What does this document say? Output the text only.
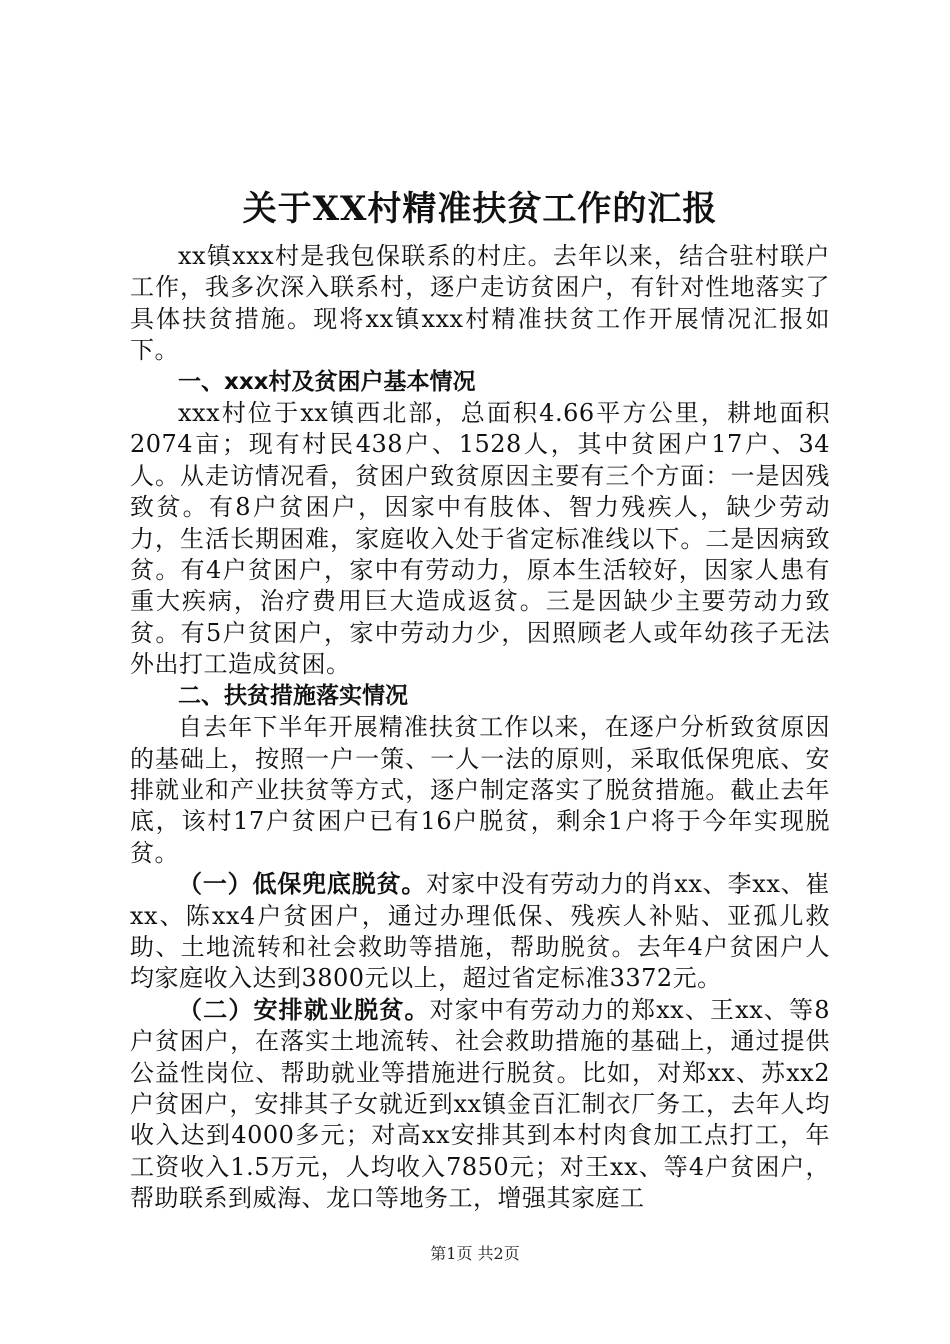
关于XX村精准扶贫工作的汇报

xx镇xxx村是我包保联系的村庄。去年以来，结合驻村联户工作，我多次深入联系村，逐户走访贫困户，有针对性地落实了具体扶贫措施。现将xx镇xxx村精准扶贫工作开展情况汇报如下。

一、xxx村及贫困户基本情况

xxx村位于xx镇西北部，总面积4.66平方公里，耕地面积2074亩；现有村民438户、1528人，其中贫困户17户、34人。从走访情况看，贫困户致贫原因主要有三个方面：一是因残致贫。有8户贫困户，因家中有肢体、智力残疾人，缺少劳动力，生活长期困难，家庭收入处于省定标准线以下。二是因病致贫。有4户贫困户，家中有劳动力，原本生活较好，因家人患有重大疾病，治疗费用巨大造成返贫。三是因缺少主要劳动力致贫。有5户贫困户，家中劳动力少，因照顾老人或年幼孩子无法外出打工造成贫困。

二、扶贫措施落实情况

自去年下半年开展精准扶贫工作以来，在逐户分析致贫原因的基础上，按照一户一策、一人一法的原则，采取低保兜底、安排就业和产业扶贫等方式，逐户制定落实了脱贫措施。截止去年底，该村17户贫困户已有16户脱贫，剩余1户将于今年实现脱贫。

（一）低保兜底脱贫。对家中没有劳动力的肖xx、李xx、崔xx、陈xx4户贫困户，通过办理低保、残疾人补贴、亚孤儿救助、土地流转和社会救助等措施，帮助脱贫。去年4户贫困户人均家庭收入达到3800元以上，超过省定标准3372元。

（二）安排就业脱贫。对家中有劳动力的郑xx、王xx、等8户贫困户，在落实土地流转、社会救助措施的基础上，通过提供公益性岗位、帮助就业等措施进行脱贫。比如，对郑xx、苏xx2户贫困户，安排其子女就近到xx镇金百汇制衣厂务工，去年人均收入达到4000多元；对高xx安排其到本村肉食加工点打工，年工资收入1.5万元，人均收入7850元；对王xx、等4户贫困户，帮助联系到威海、龙口等地务工，增强其家庭工

第1页 共2页
